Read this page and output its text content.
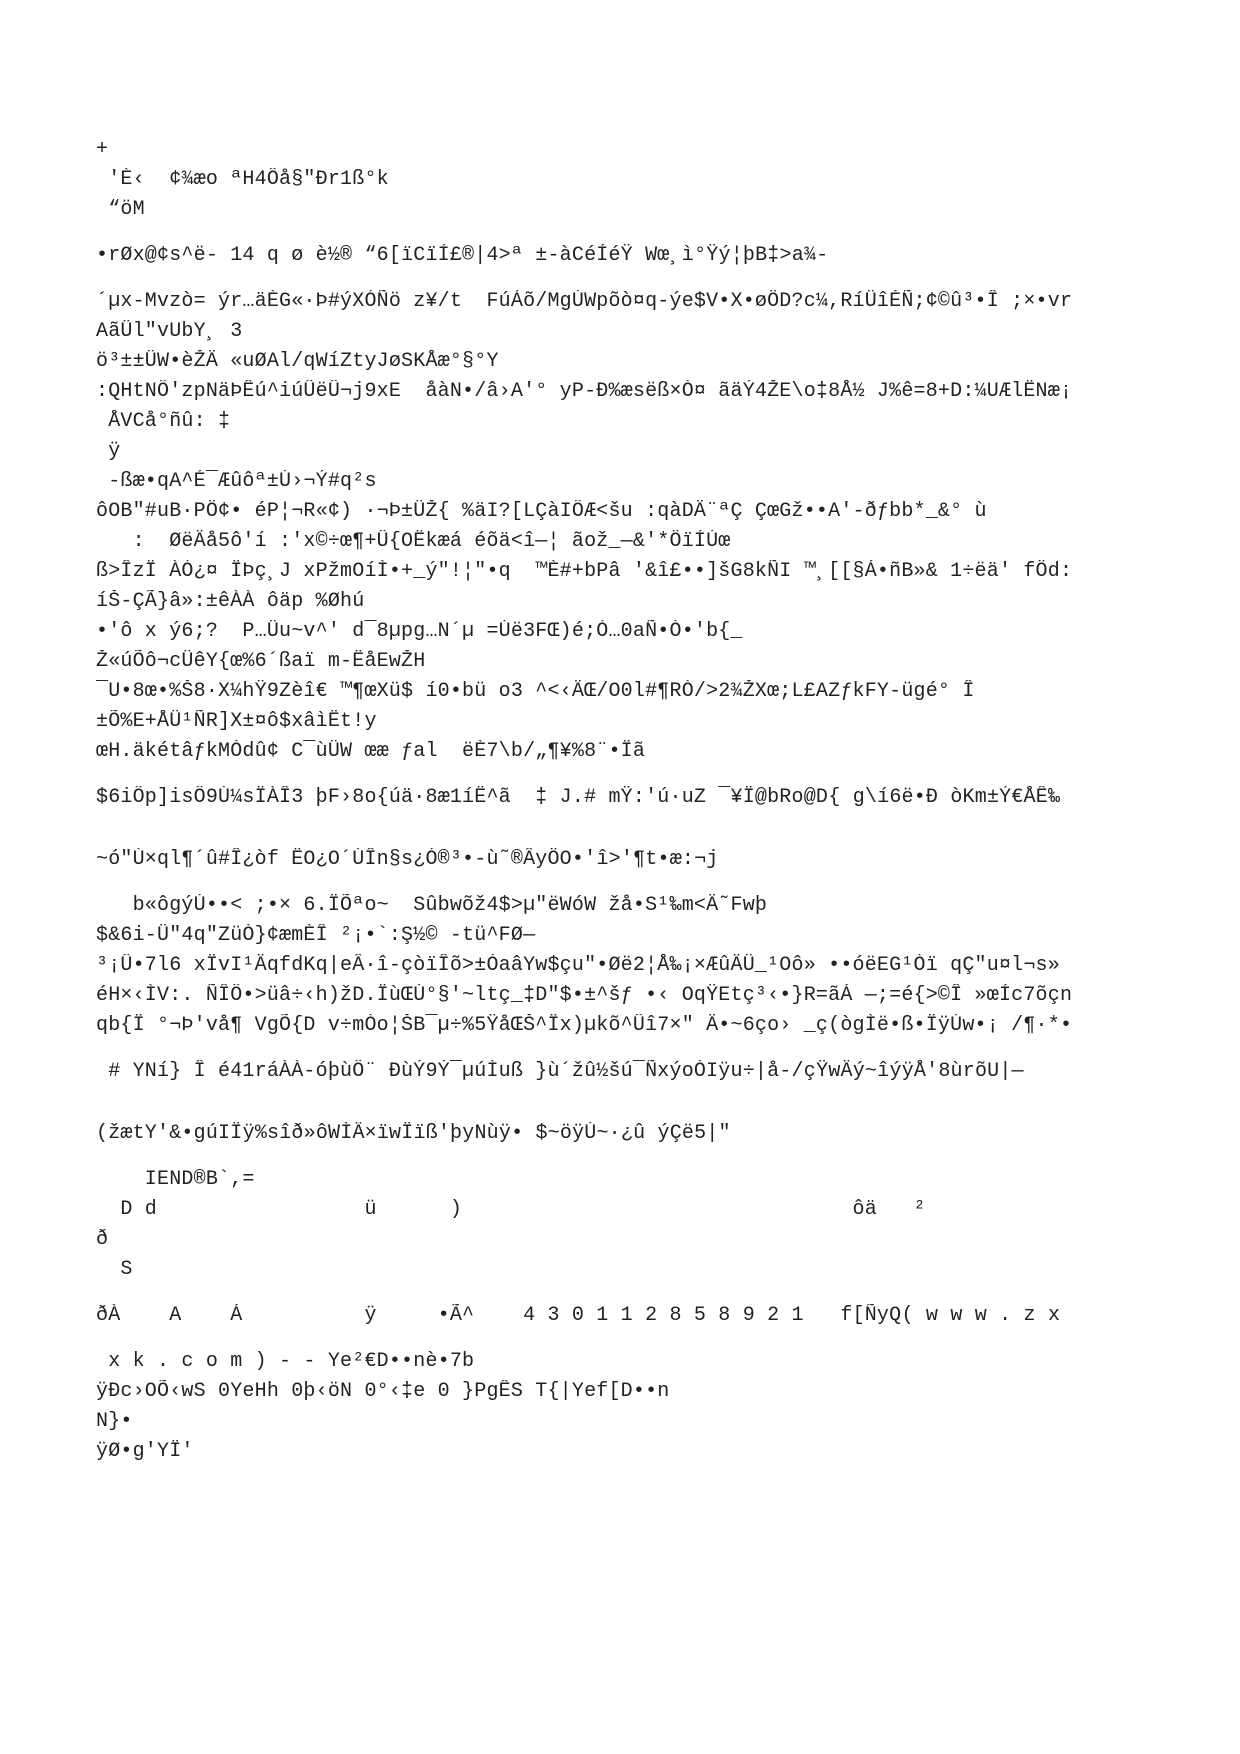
+
'È‹  ¢¾æo ªH4Ôå§"Ðr1ß°k
“öM
•rØx@¢s^ë- 14 q ø è½® “6[ïCïÍ£®|4>ª ±-àCéÍéŸ Wœ¸ì°Ÿý¦þB‡>a¾-
´µx-Mvzò= ýr…äÈG«·Þ#ýXÓÑö z¥/t  FúÁõ/MgÚWpõò¤q-ýe$V•X•øÖD?c¼,RíÜîÉÑ;¢©û³•Î ;×•vr
AãÜl"vUbY¸ 3
ö³±±ÜW•èŽÄ «uØAl/qWíZtyJøSKÅæ°§°Y
:QHtNÔ'zpNäÞÊú^iúÛëÛ¬j9xE  åàN•/â›A'° yP-Ð%æsëß×Ò¤ ãäÝ4ŽE\o‡8Å½ J%ê=8+D:¼UÆlËNæ¡
ÅVCå°ñû: ‡
ÿ
-ßæ•qA^É¯Æûôª±Ù›¬Ý#q²s
ôOB"#uB·PÖ¢• éP¦¬R«¢) ·¬Þ±ÜŽ{ %äI?[LÇàIÔÆ<šu :qàDÄ¨ªÇ ÇœGž••A'-ðƒbb*_&° ù
:  ØëÄå5ô'í :'x©÷œ¶+Û{OËkæá éõä<î—¦ ãož_—&'*ÖïÍÚœ
ß>ÎzÏ ÀÓ¿¤ ÏÞç¸J xPžmOíÌ•+_ý"!¦"•q  ™È#+bPâ '&î£••]šG8kÑI ™¸[[§Á•ñB»& 1÷ëä' fÖd:
íŠ-ÇÃ}â»:±êÀÀ ôäp %Øhú
•'ô x ý6;?  P…Üu~v^' d¯8µpg…N´µ =Ùë3FŒ)é;Ó…0aÑ•Ò•'b{_
Ž«úÕô¬cÜêY{œ%6´ßaï m-ËåEwŽH
¯U•8œ•%Š8·X¼hŸ9Zèî€ ™¶œXü$ í0•bü o3 ^<‹ÄŒ/O0l#¶RÒ/>2¾ŽXœ;L£AZƒkFY-ügé° Î
±Õ%E+ÅÜ¹ÑR]X±¤ô$xâìËt!y
œH.äkétâƒkMÓdû¢ C¯ùÜW œæ ƒal  ëÈ7\b/„¶¥%8¨•Ïã
$6iÔp]isÔ9Ù¼sÏÀÎ3 þF›8o{úä·8æ1íË^ã  ‡ J.# mŸ:'ú·uZ ¯¥Ï@bRo@D{ g\í6ë•Ð òKm±Ý€ÅÊ‰
~ó"Ù×ql¶´û#Î¿òf ËO¿O´ÙÎn§s¿Ó®³•-ù˜®ÂyÖO•'î>'¶t•æ:¬j
b«ôgýÚ••< ;•× 6.ÏÕªo~  Sûbwõž4$>µ"ëWóW žå•S¹‰m<Ä˜Fwþ
$&6i-Ü"4q"ZüÒ}¢æmÈÎ ²¡•`:Ş½© -tü^FØ—
³¡Û•7l6 xÏvI¹ÄqfdKq|eÂ·î-çòïÎõ>±ÓaâYw$çu"•Øë2¦Å‰¡×ÆûÄÜ_¹Oô» ••óëEG¹Òï qÇ"u¤l¬s»
éH×‹ÌV:. ÑÎÔ•>üâ÷‹h)žD.ÏùŒÙ°§'~ltç_‡D"$•±^šƒ •‹ OqŸEtç³‹•}R=ãÁ —;=é{>©Î »œÍc7õçn
qb{Ï °¬Þ'vå¶ VgÕ{D v÷mÒo¦ŠB¯µ÷%5ŸåŒŠ^Ïx)µkõ^Ûî7×" Ä•~6ço› _ç(ògÌë•ß•ÏÿÚw•¡ /¶·*•
# YNí} Î é41ráÀÀ-óþùÔ¨ ÐùÝ9Ý¯µúÌuß }ù´žû½šú¯ÑxýoÒIÿu÷|å-/çŸwÄý~îýÿÅ'8ùrõU|—
(žætY'&•gúIÏÿ%sîð»ôWÌÄ×ïwÏïß'þyNùÿ• $~öÿÚ~·¿û ýÇë5|"
IEND®B`,=
D d                 ü      )                                ôä   ²
ð
S
ðÀ    A    Á          ÿ     •Ã^    4 3 0 1 1 2 8 5 8 9 2 1   f[ÑyQ( w w w . z x
x k . c o m ) - - Ye²€D••nè•7b
ÿÐc›OÕ‹wS 0YeHh 0þ‹öN 0°‹‡e 0 }PgÊS T{|Yef[D••n
N}•
ÿØ•g'YÏ'
